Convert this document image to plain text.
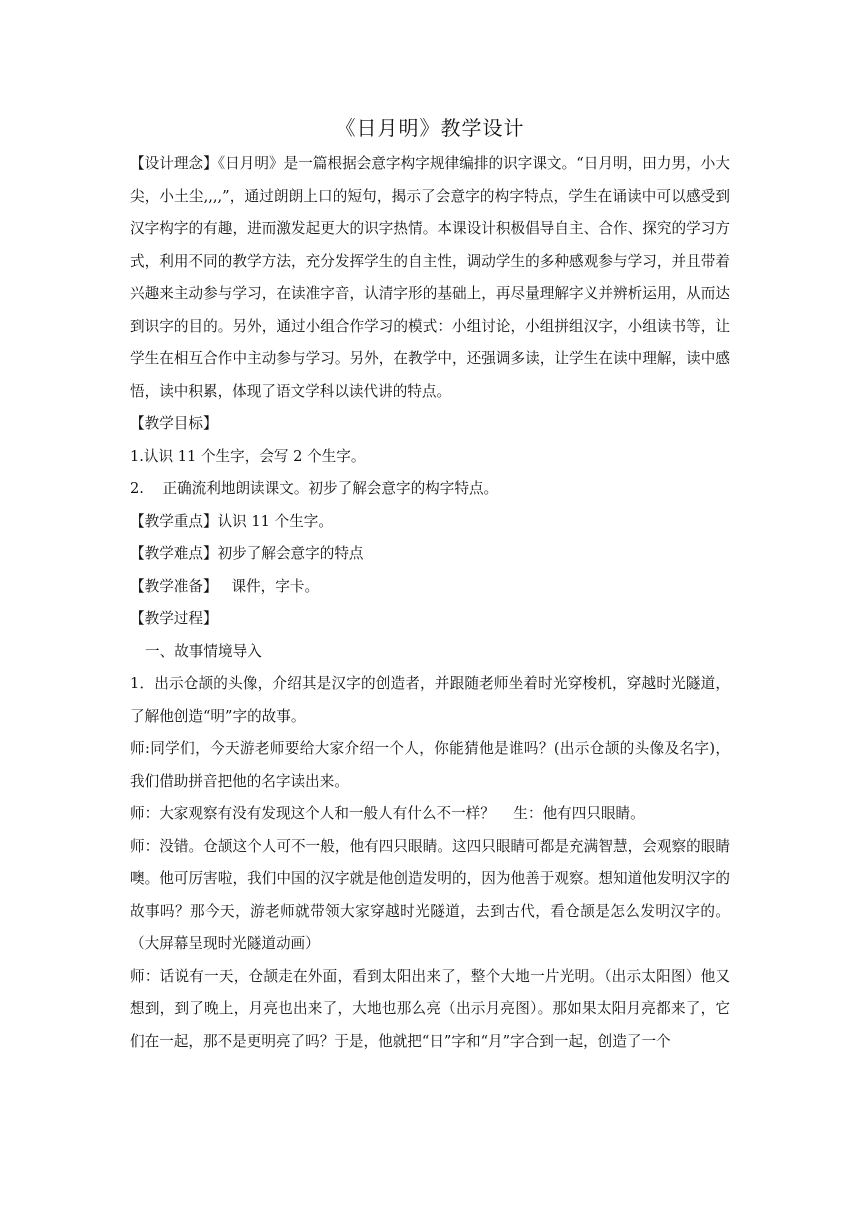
《日月明》教学设计

【设计理念】《日月明》是一篇根据会意字构字规律编排的识字课文。“日月明，田力男，小大尖，小土尘,,,,”，通过朗朗上口的短句，揭示了会意字的构字特点，学生在诵读中可以感受到汉字构字的有趣，进而激发起更大的识字热情。本课设计积极倡导自主、合作、探究的学习方式，利用不同的教学方法，充分发挥学生的自主性，调动学生的多种感观参与学习，并且带着兴趣来主动参与学习，在读准字音，认清字形的基础上，再尽量理解字义并辨析运用，从而达到识字的目的。另外，通过小组合作学习的模式：小组讨论，小组拼组汉字，小组读书等，让学生在相互合作中主动参与学习。另外，在教学中，还强调多读，让学生在读中理解，读中感悟，读中积累，体现了语文学科以读代讲的特点。

【教学目标】

1.认识 11 个生字，会写 2 个生字。

2.    正确流利地朗读课文。初步了解会意字的构字特点。

【教学重点】认识 11 个生字。

【教学难点】初步了解会意字的特点

【教学准备】   课件，字卡。

【教学过程】

一、故事情境导入

1．出示仓颉的头像，介绍其是汉字的创造者，并跟随老师坐着时光穿梭机，穿越时光隧道，了解他创造“明”字的故事。

师:同学们，今天游老师要给大家介绍一个人，你能猜他是谁吗？(出示仓颉的头像及名字)，我们借助拼音把他的名字读出来。

师：大家观察有没有发现这个人和一般人有什么不一样？    生：他有四只眼睛。

师：没错。仓颉这个人可不一般，他有四只眼睛。这四只眼睛可都是充满智慧，会观察的眼睛噢。他可厉害啦，我们中国的汉字就是他创造发明的，因为他善于观察。想知道他发明汉字的故事吗？那今天，游老师就带领大家穿越时光隧道，去到古代，看仓颉是怎么发明汉字的。（大屏幕呈现时光隧道动画）

师：话说有一天，仓颉走在外面，看到太阳出来了，整个大地一片光明。（出示太阳图）他又想到，到了晚上，月亮也出来了，大地也那么亮（出示月亮图）。那如果太阳月亮都来了，它们在一起，那不是更明亮了吗？于是，他就把“日”字和“月”字合到一起，创造了一个
